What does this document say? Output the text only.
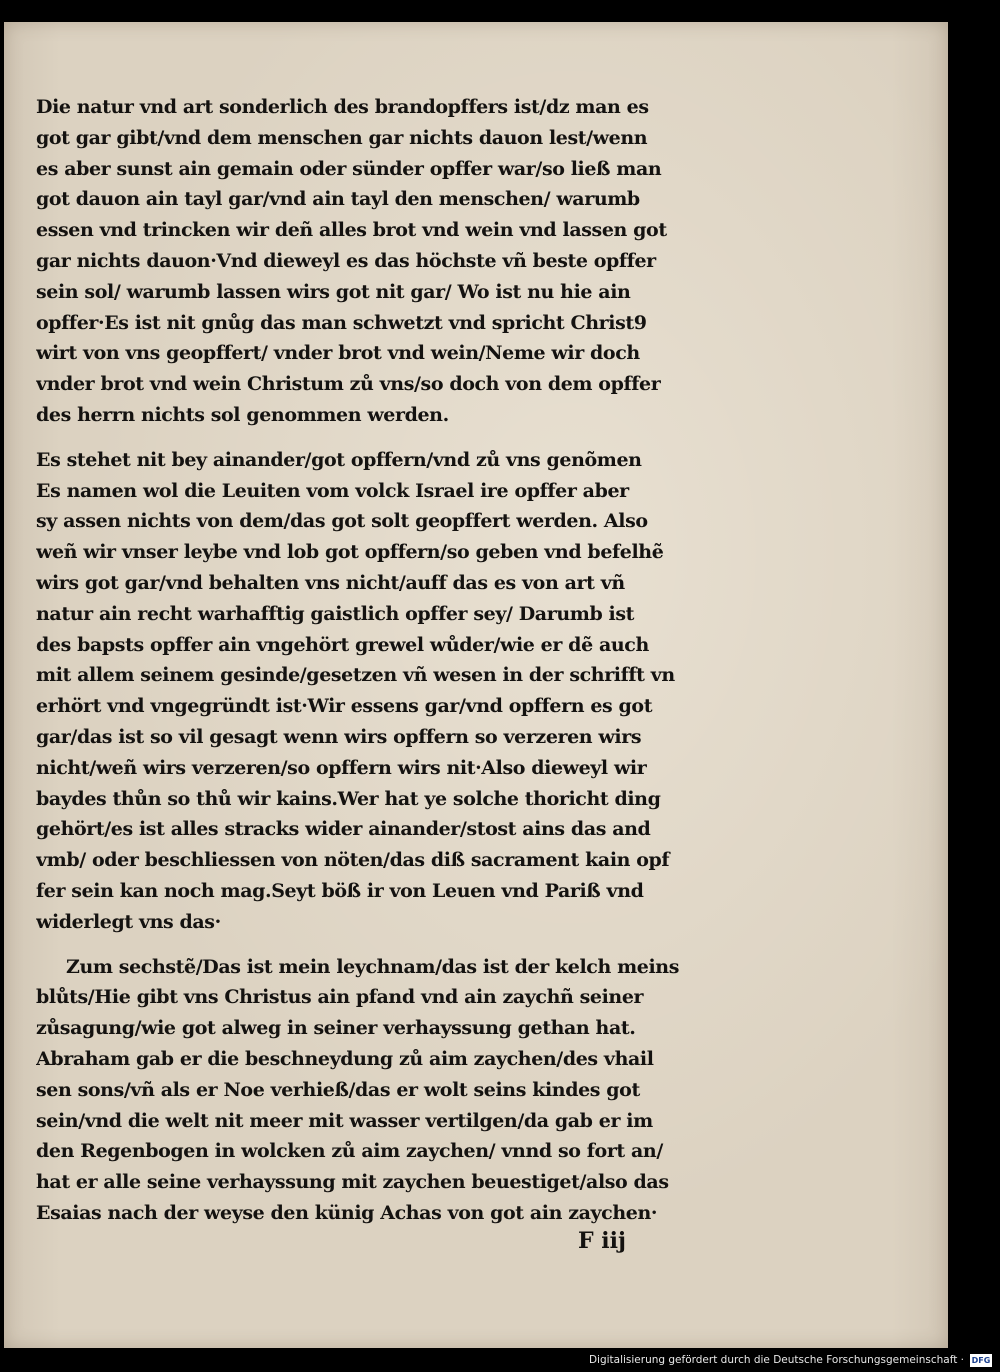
Die natur vnd art sonderlich des brandopffers ist/dz man es
got gar gibt/vnd dem menschen gar nichts dauon lest/wenn
es aber sunst ain gemain oder sünder opffer war/so ließ man
got dauon ain tayl gar/vnd ain tayl den menschen/ warumb
essen vnd trincken wir deñ alles brot vnd wein vnd lassen got
gar nichts dauon·Vnd dieweyl es das höchste vñ beste opffer
sein sol/ warumb lassen wirs got nit gar/ Wo ist nu hie ain
opffer·Es ist nit gnůg das man schwetzt vnd spricht Christ9
wirt von vns geopffert/ vnder brot vnd wein/Neme wir doch
vnder brot vnd wein Christum zů vns/so doch von dem opffer
des herrn nichts sol genommen werden.
Es stehet nit bey ainander/got opffern/vnd zů vns genõmen
Es namen wol die Leuiten vom volck Israel ire opffer aber
sy assen nichts von dem/das got solt geopffert werden. Also
weñ wir vnser leybe vnd lob got opffern/so geben vnd befelhẽ
wirs got gar/vnd behalten vns nicht/auff das es von art vñ
natur ain recht warhafftig gaistlich opffer sey/ Darumb ist
des bapsts opffer ain vngehört grewel wůder/wie er dẽ auch
mit allem seinem gesinde/gesetzen vñ wesen in der schrifft vn
erhört vnd vngegründt ist·Wir essens gar/vnd opffern es got
gar/das ist so vil gesagt wenn wirs opffern so verzeren wirs
nicht/weñ wirs verzeren/so opffern wirs nit·Also dieweyl wir
baydes thůn so thů wir kains.Wer hat ye solche thoricht ding
gehört/es ist alles stracks wider ainander/stost ains das and
vmb/ oder beschliessen von nöten/das diß sacrament kain opf
fer sein kan noch mag.Seyt böß ir von Leuen vnd Pariß vnd
widerlegt vns das·
Zum sechstẽ/Das ist mein leychnam/das ist der kelch meins
blůts/Hie gibt vns Christus ain pfand vnd ain zaychñ seiner
zůsagung/wie got alweg in seiner verhayssung gethan hat.
Abraham gab er die beschneydung zů aim zaychen/des vhail
sen sons/vñ als er Noe verhieß/das er wolt seins kindes got
sein/vnd die welt nit meer mit wasser vertilgen/da gab er im
den Regenbogen in wolcken zů aim zaychen/ vnnd so fort an/
hat er alle seine verhayssung mit zaychen beuestiget/also das
Esaias nach der weyse den künig Achas von got ain zaychen·
F iij
Digitalisierung gefördert durch die Deutsche Forschungsgemeinschaft · DFG
